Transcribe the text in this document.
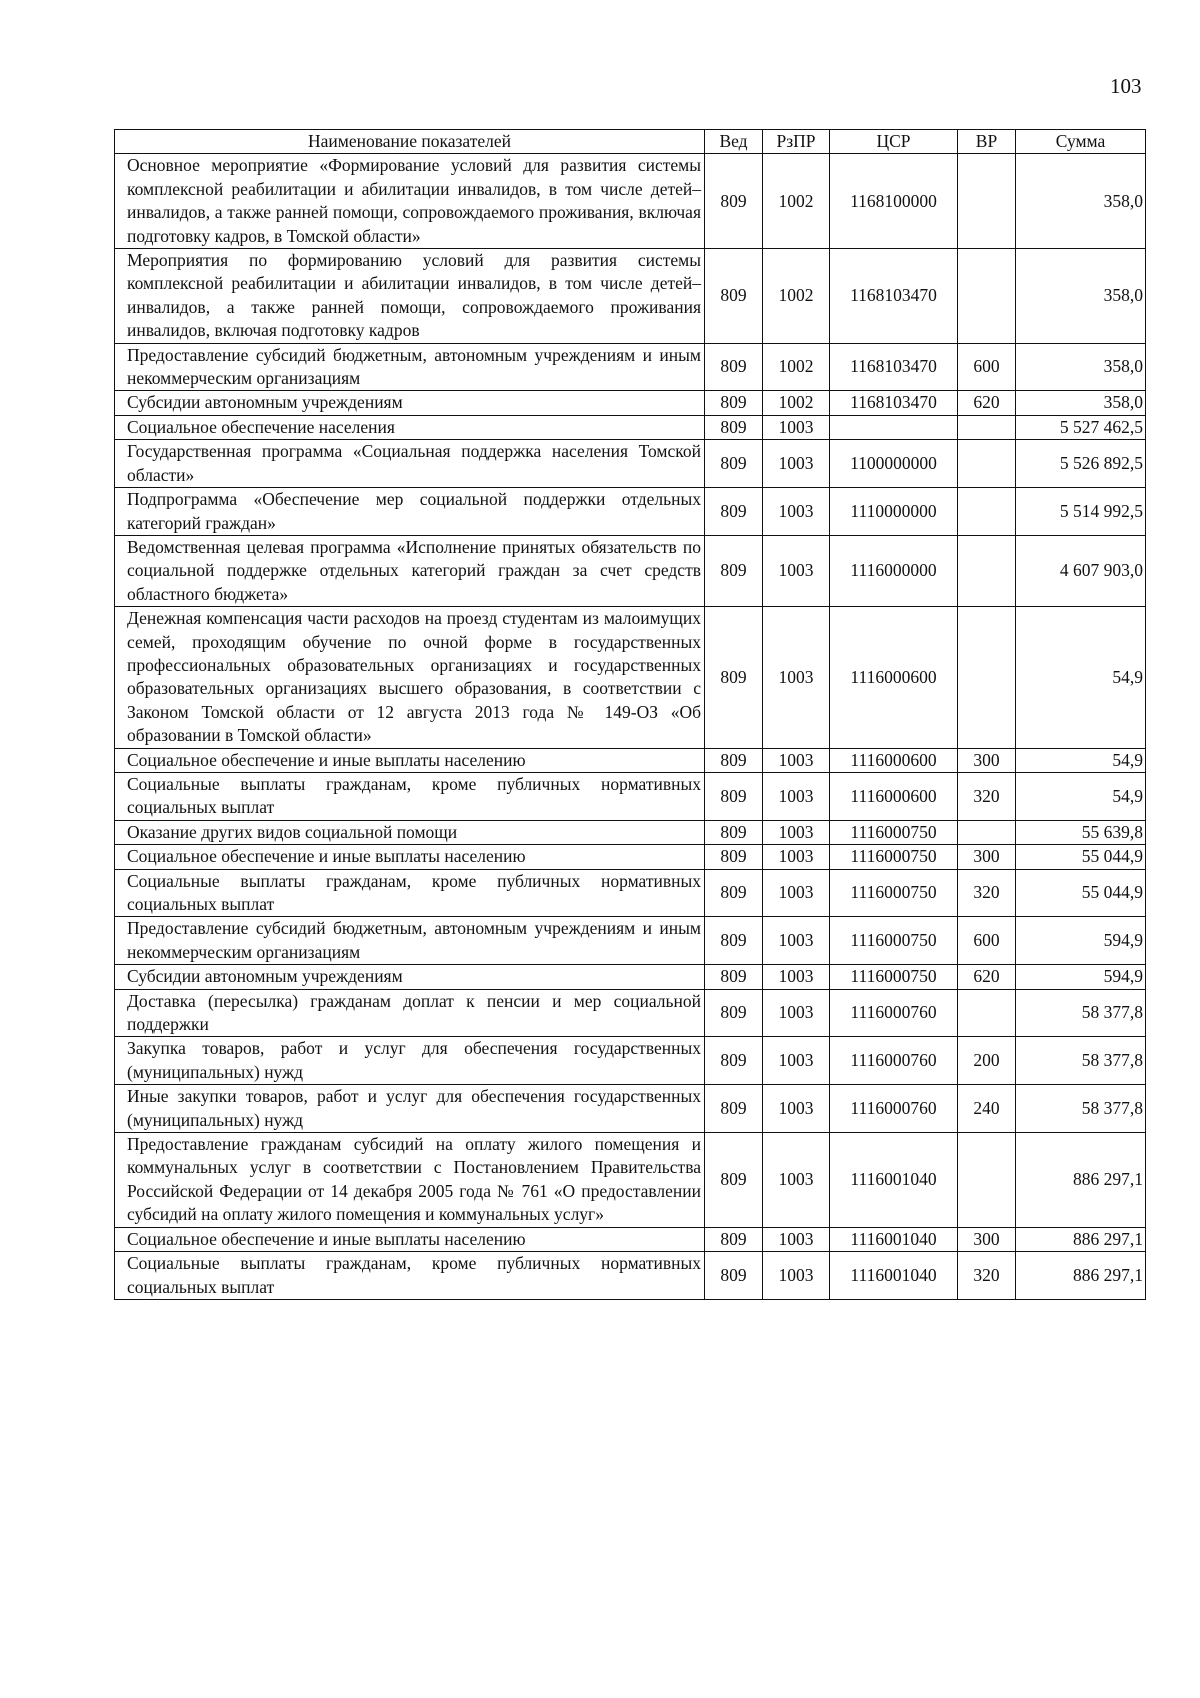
103
Наименование показателей	Вед	РзПР	ЦСР	ВР	Сумма
Основное мероприятие «Формирование условий для развития системы комплексной реабилитации и абилитации инвалидов, в том числе детей–инвалидов, а также ранней помощи, сопровождаемого проживания, включая подготовку кадров, в Томской области»	809	1002	1168100000		358,0
Мероприятия по формированию условий для развития системы комплексной реабилитации и абилитации инвалидов, в том числе детей–инвалидов, а также ранней помощи, сопровождаемого проживания инвалидов, включая подготовку кадров	809	1002	1168103470		358,0
Предоставление субсидий бюджетным, автономным учреждениям и иным некоммерческим организациям	809	1002	1168103470	600	358,0
Субсидии автономным учреждениям	809	1002	1168103470	620	358,0
Социальное обеспечение населения	809	1003			5 527 462,5
Государственная программа «Социальная поддержка населения Томской области»	809	1003	1100000000		5 526 892,5
Подпрограмма «Обеспечение мер социальной поддержки отдельных категорий граждан»	809	1003	1110000000		5 514 992,5
Ведомственная целевая программа «Исполнение принятых обязательств по социальной поддержке отдельных категорий граждан за счет средств областного бюджета»	809	1003	1116000000		4 607 903,0
Денежная компенсация части расходов на проезд студентам из малоимущих семей, проходящим обучение по очной форме в государственных профессиональных образовательных организациях и государственных образовательных организациях высшего образования, в соответствии с Законом Томской области от 12 августа 2013 года № 149-ОЗ «Об образовании в Томской области»	809	1003	1116000600		54,9
Социальное обеспечение и иные выплаты населению	809	1003	1116000600	300	54,9
Социальные выплаты гражданам, кроме публичных нормативных социальных выплат	809	1003	1116000600	320	54,9
Оказание других видов социальной помощи	809	1003	1116000750		55 639,8
Социальное обеспечение и иные выплаты населению	809	1003	1116000750	300	55 044,9
Социальные выплаты гражданам, кроме публичных нормативных социальных выплат	809	1003	1116000750	320	55 044,9
Предоставление субсидий бюджетным, автономным учреждениям и иным некоммерческим организациям	809	1003	1116000750	600	594,9
Субсидии автономным учреждениям	809	1003	1116000750	620	594,9
Доставка (пересылка) гражданам доплат к пенсии и мер социальной поддержки	809	1003	1116000760		58 377,8
Закупка товаров, работ и услуг для обеспечения государственных (муниципальных) нужд	809	1003	1116000760	200	58 377,8
Иные закупки товаров, работ и услуг для обеспечения государственных (муниципальных) нужд	809	1003	1116000760	240	58 377,8
Предоставление гражданам субсидий на оплату жилого помещения и коммунальных услуг в соответствии с Постановлением Правительства Российской Федерации от 14 декабря 2005 года № 761 «О предоставлении субсидий на оплату жилого помещения и коммунальных услуг»	809	1003	1116001040		886 297,1
Социальное обеспечение и иные выплаты населению	809	1003	1116001040	300	886 297,1
Социальные выплаты гражданам, кроме публичных нормативных социальных выплат	809	1003	1116001040	320	886 297,1
